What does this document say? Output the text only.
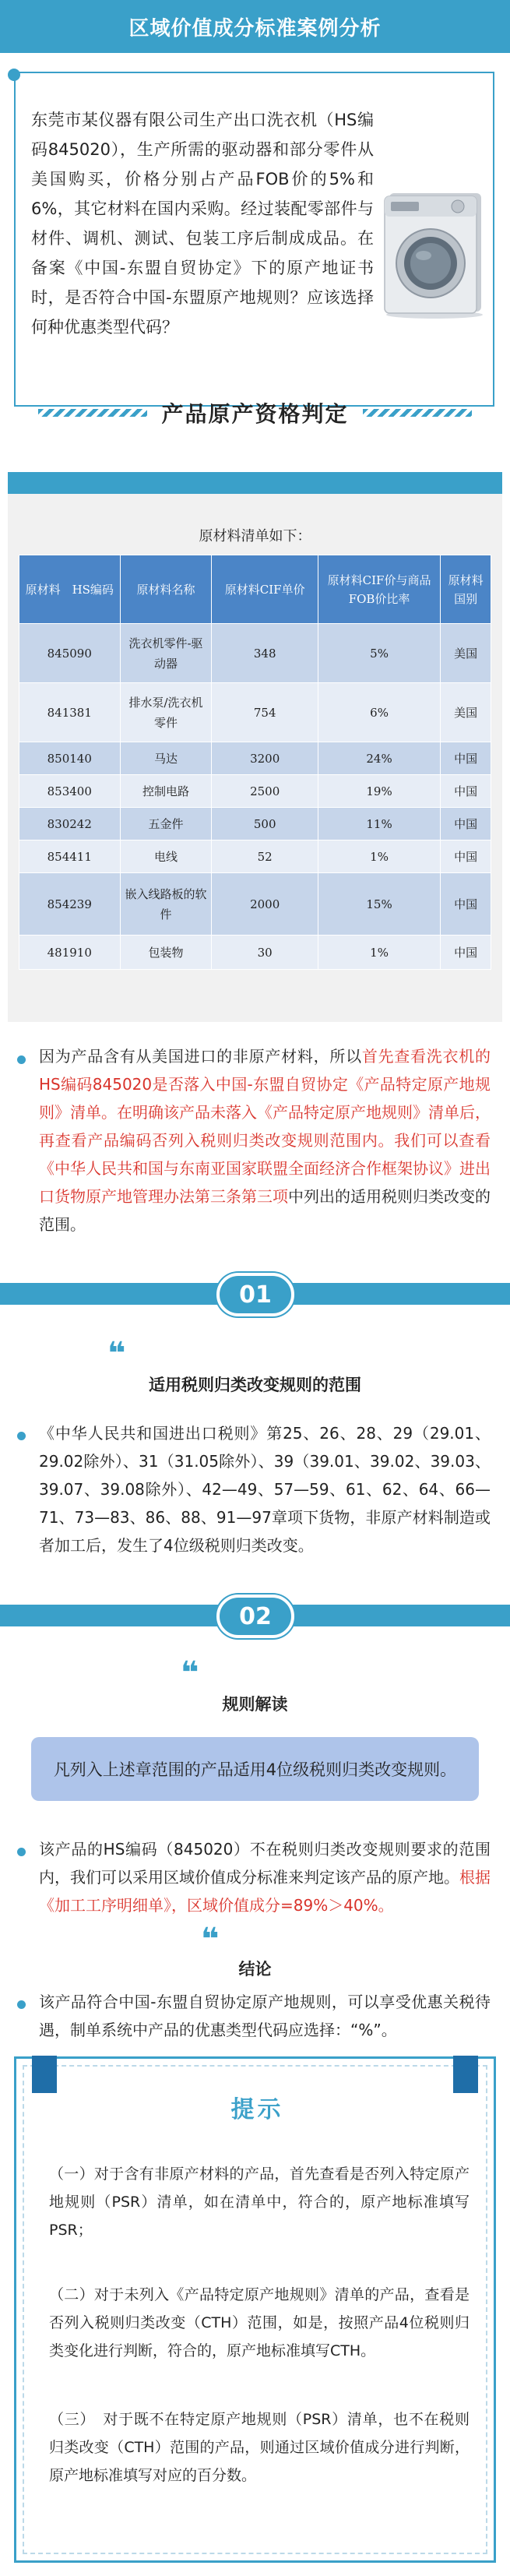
区域价值成分标准案例分析
东莞市某仪器有限公司生产出口洗衣机（HS编码845020），生产所需的驱动器和部分零件从美国购买，价格分别占产品FOB价的5%和6%，其它材料在国内采购。经过装配零部件与材件、调机、测试、包装工序后制成成品。在备案《中国-东盟自贸协定》下的原产地证书时，是否符合中国-东盟原产地规则？应该选择何种优惠类型代码？
产品原产资格判定
原材料清单如下：
原材料　HS编码	原材料名称	原材料CIF单价	原材料CIF价与商品FOB价比率	原材料国别
845090	洗衣机零件-驱动器	348	5%	美国
841381	排水泵/洗衣机零件	754	6%	美国
850140	马达	3200	24%	中国
853400	控制电路	2500	19%	中国
830242	五金件	500	11%	中国
854411	电线	52	1%	中国
854239	嵌入线路板的软件	2000	15%	中国
481910	包装物	30	1%	中国
因为产品含有从美国进口的非原产材料，所以首先查看洗衣机的HS编码845020是否落入中国-东盟自贸协定《产品特定原产地规则》清单。在明确该产品未落入《产品特定原产地规则》清单后，再查看产品编码否列入税则归类改变规则范围内。我们可以查看《中华人民共和国与东南亚国家联盟全面经济合作框架协议》进出口货物原产地管理办法第三条第三项中列出的适用税则归类改变的范围。
01
❝
适用税则归类改变规则的范围
《中华人民共和国进出口税则》第25、26、28、29（29.01、29.02除外）、31（31.05除外）、39（39.01、39.02、39.03、39.07、39.08除外）、42—49、57—59、61、62、64、66—71、73—83、86、88、91—97章项下货物，非原产材料制造或者加工后，发生了4位级税则归类改变。
02
❝
规则解读
凡列入上述章范围的产品适用4位级税则归类改变规则。
该产品的HS编码（845020）不在税则归类改变规则要求的范围内，我们可以采用区域价值成分标准来判定该产品的原产地。根据《加工工序明细单》，区域价值成分=89%＞40%。
❝
结论
该产品符合中国-东盟自贸协定原产地规则，可以享受优惠关税待遇，制单系统中产品的优惠类型代码应选择：“%”。
提示
（一）对于含有非原产材料的产品，首先查看是否列入特定原产地规则（PSR）清单，如在清单中，符合的，原产地标准填写PSR；
（二）对于未列入《产品特定原产地规则》清单的产品，查看是否列入税则归类改变（CTH）范围，如是，按照产品4位税则归类变化进行判断，符合的，原产地标准填写CTH。
（三）　对于既不在特定原产地规则（PSR）清单，也不在税则归类改变（CTH）范围的产品，则通过区域价值成分进行判断，原产地标准填写对应的百分数。
